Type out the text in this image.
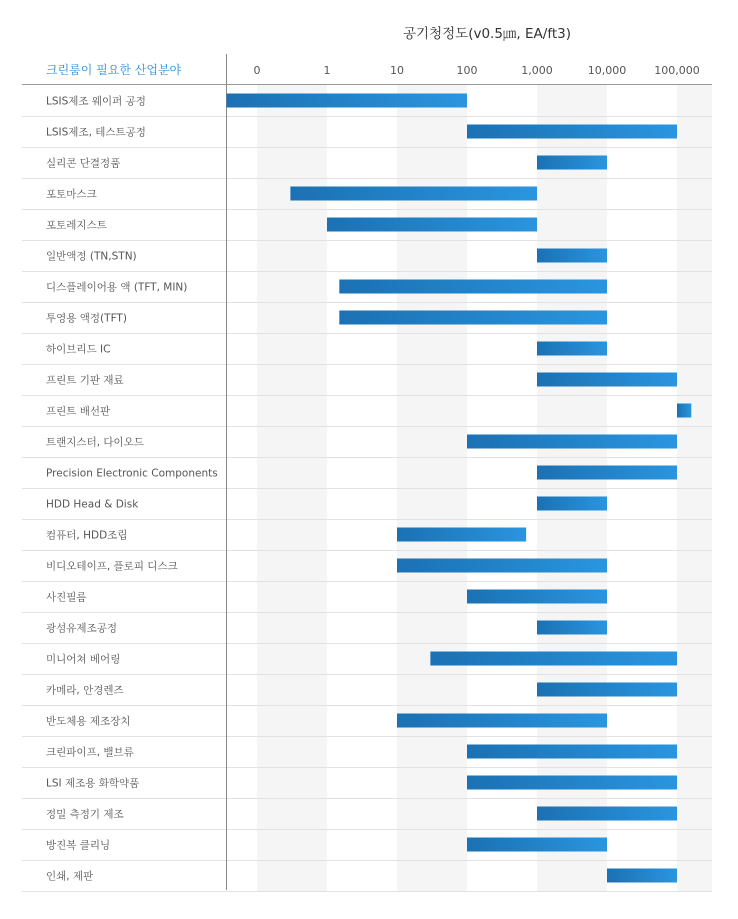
공기청정도(v0.5㎛, EA/ft3)
크린룸이 필요한 산업분야	0	1	10	100	1,000	10,000	100,000
LSIS제조 웨이퍼 공정
LSIS제조, 테스트공정
실리콘 단결정품
포토마스크
포토레지스트
일반액정 (TN,STN)
디스플레이어용 액 (TFT, MIN)
투영용 액정(TFT)
하이브리드 IC
프린트 기판 재료
프린트 배선판
트랜지스터, 다이오드
Precision Electronic Components
HDD Head & Disk
컴퓨터, HDD조립
비디오테이프, 플로피 디스크
사진필름
광섬유제조공정
미니어쳐 베어링
카메라, 안경렌즈
반도체용 제조장치
크린파이프, 밸브류
LSI 제조용 화학약품
정밀 측정기 제조
방진복 클리닝
인쇄, 제판
